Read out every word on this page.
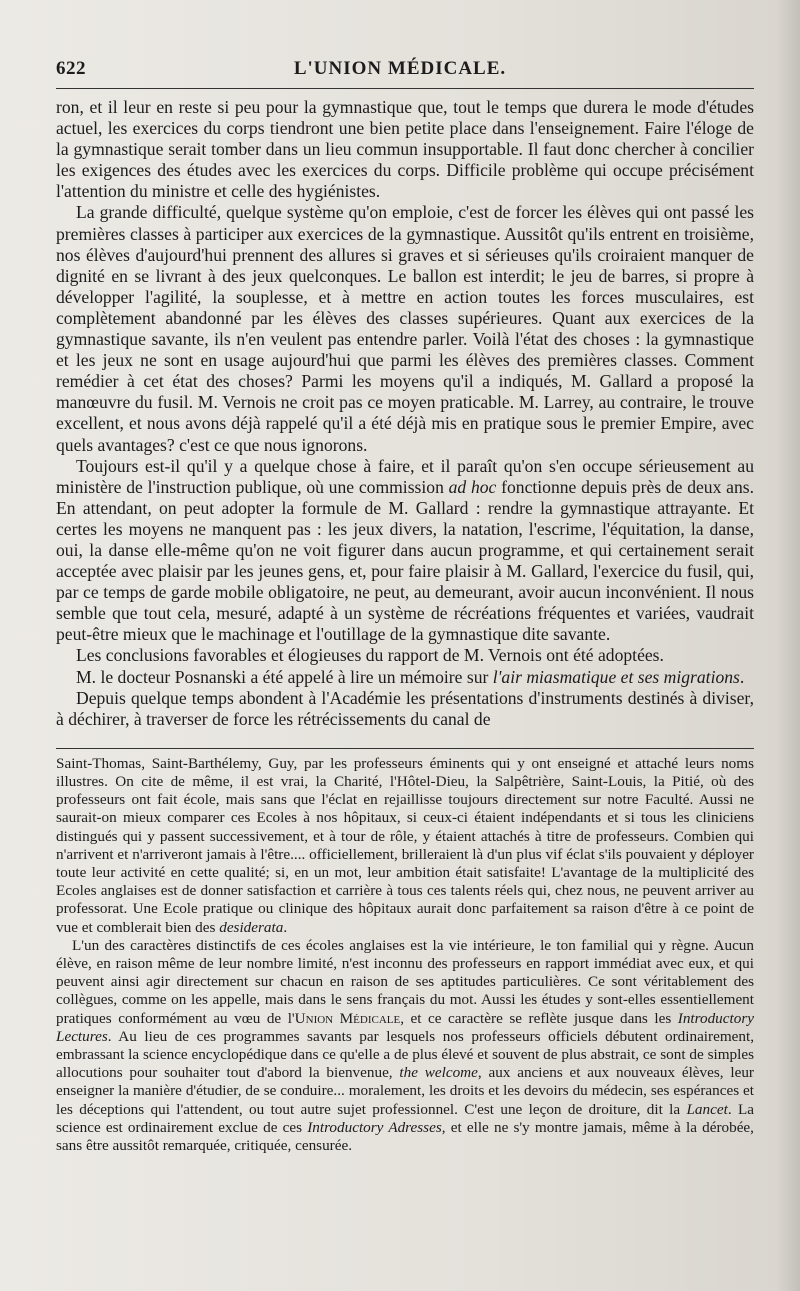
622	L'UNION MÉDICALE.

ron, et il leur en reste si peu pour la gymnastique que, tout le temps que durera le mode d'études actuel, les exercices du corps tiendront une bien petite place dans l'enseignement. Faire l'éloge de la gymnastique serait tomber dans un lieu commun insupportable. Il faut donc chercher à concilier les exigences des études avec les exercices du corps. Difficile problème qui occupe précisément l'attention du ministre et celle des hygiénistes.

La grande difficulté, quelque système qu'on emploie, c'est de forcer les élèves qui ont passé les premières classes à participer aux exercices de la gymnastique. Aussitôt qu'ils entrent en troisième, nos élèves d'aujourd'hui prennent des allures si graves et si sérieuses qu'ils croiraient manquer de dignité en se livrant à des jeux quelconques. Le ballon est interdit; le jeu de barres, si propre à développer l'agilité, la souplesse, et à mettre en action toutes les forces musculaires, est complètement abandonné par les élèves des classes supérieures. Quant aux exercices de la gymnastique savante, ils n'en veulent pas entendre parler. Voilà l'état des choses : la gymnastique et les jeux ne sont en usage aujourd'hui que parmi les élèves des premières classes. Comment remédier à cet état des choses? Parmi les moyens qu'il a indiqués, M. Gallard a proposé la manœuvre du fusil. M. Vernois ne croit pas ce moyen praticable. M. Larrey, au contraire, le trouve excellent, et nous avons déjà rappelé qu'il a été déjà mis en pratique sous le premier Empire, avec quels avantages? c'est ce que nous ignorons.

Toujours est-il qu'il y a quelque chose à faire, et il paraît qu'on s'en occupe sérieusement au ministère de l'instruction publique, où une commission ad hoc fonctionne depuis près de deux ans. En attendant, on peut adopter la formule de M. Gallard : rendre la gymnastique attrayante. Et certes les moyens ne manquent pas : les jeux divers, la natation, l'escrime, l'équitation, la danse, oui, la danse elle-même qu'on ne voit figurer dans aucun programme, et qui certainement serait acceptée avec plaisir par les jeunes gens, et, pour faire plaisir à M. Gallard, l'exercice du fusil, qui, par ce temps de garde mobile obligatoire, ne peut, au demeurant, avoir aucun inconvénient. Il nous semble que tout cela, mesuré, adapté à un système de récréations fréquentes et variées, vaudrait peut-être mieux que le machinage et l'outillage de la gymnastique dite savante.

Les conclusions favorables et élogieuses du rapport de M. Vernois ont été adoptées.

M. le docteur Posnanski a été appelé à lire un mémoire sur l'air miasmatique et ses migrations.

Depuis quelque temps abondent à l'Académie les présentations d'instruments destinés à diviser, à déchirer, à traverser de force les rétrécissements du canal de

Saint-Thomas, Saint-Barthélemy, Guy, par les professeurs éminents qui y ont enseigné et attaché leurs noms illustres. On cite de même, il est vrai, la Charité, l'Hôtel-Dieu, la Salpêtrière, Saint-Louis, la Pitié, où des professeurs ont fait école, mais sans que l'éclat en rejaillisse toujours directement sur notre Faculté. Aussi ne saurait-on mieux comparer ces Ecoles à nos hôpitaux, si ceux-ci étaient indépendants et si tous les cliniciens distingués qui y passent successivement, et à tour de rôle, y étaient attachés à titre de professeurs. Combien qui n'arrivent et n'arriveront jamais à l'être.... officiellement, brilleraient là d'un plus vif éclat s'ils pouvaient y déployer toute leur activité en cette qualité; si, en un mot, leur ambition était satisfaite! L'avantage de la multiplicité des Ecoles anglaises est de donner satisfaction et carrière à tous ces talents réels qui, chez nous, ne peuvent arriver au professorat. Une Ecole pratique ou clinique des hôpitaux aurait donc parfaitement sa raison d'être à ce point de vue et comblerait bien des desiderata.

L'un des caractères distinctifs de ces écoles anglaises est la vie intérieure, le ton familial qui y règne. Aucun élève, en raison même de leur nombre limité, n'est inconnu des professeurs en rapport immédiat avec eux, et qui peuvent ainsi agir directement sur chacun en raison de ses aptitudes particulières. Ce sont véritablement des collègues, comme on les appelle, mais dans le sens français du mot. Aussi les études y sont-elles essentiellement pratiques conformément au vœu de l'Union Médicale, et ce caractère se reflète jusque dans les Introductory Lectures. Au lieu de ces programmes savants par lesquels nos professeurs officiels débutent ordinairement, embrassant la science encyclopédique dans ce qu'elle a de plus élevé et souvent de plus abstrait, ce sont de simples allocutions pour souhaiter tout d'abord la bienvenue, the welcome, aux anciens et aux nouveaux élèves, leur enseigner la manière d'étudier, de se conduire... moralement, les droits et les devoirs du médecin, ses espérances et les déceptions qui l'attendent, ou tout autre sujet professionnel. C'est une leçon de droiture, dit la Lancet. La science est ordinairement exclue de ces Introductory Adresses, et elle ne s'y montre jamais, même à la dérobée, sans être aussitôt remarquée, critiquée, censurée.
